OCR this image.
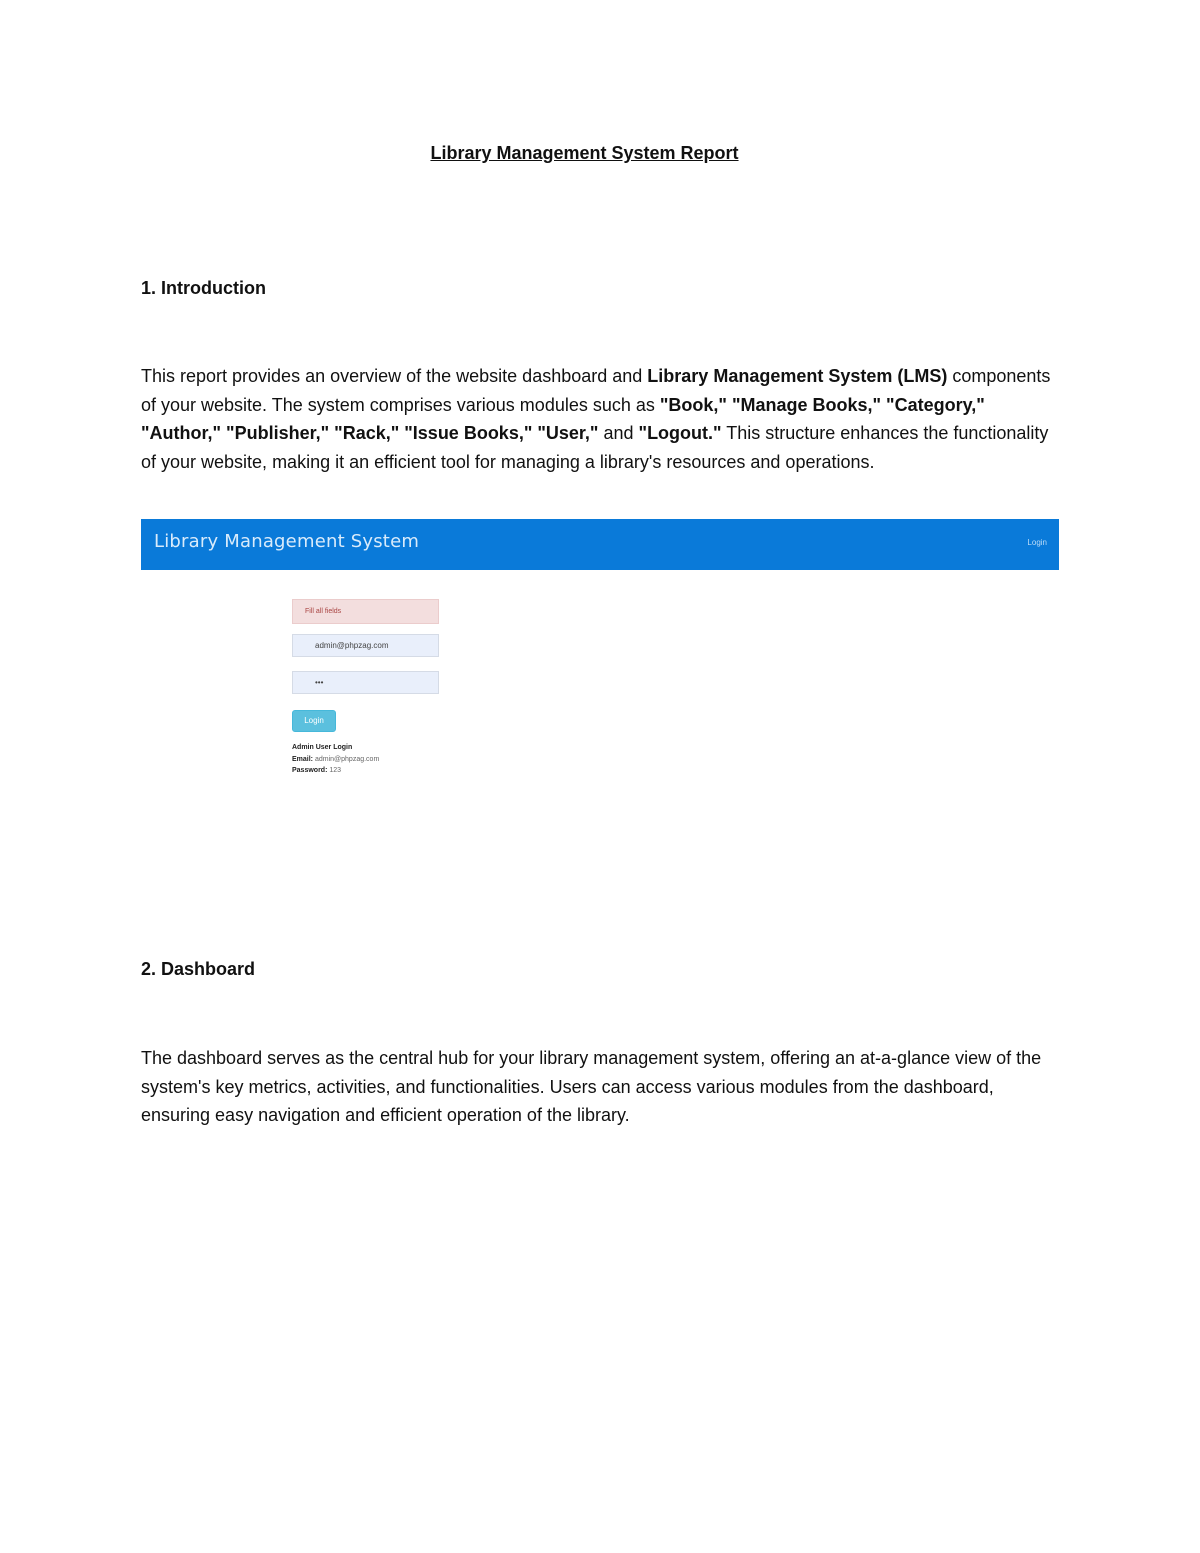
Library Management System Report
1. Introduction
This report provides an overview of the website dashboard and Library Management System (LMS) components of your website. The system comprises various modules such as "Book," "Manage Books," "Category," "Author," "Publisher," "Rack," "Issue Books," "User," and "Logout." This structure enhances the functionality of your website, making it an efficient tool for managing a library's resources and operations.
Library Management System	Login
Fill all fields
admin@phpzag.com
•••
Login
Admin User Login
Email: admin@phpzag.com
Password: 123
2. Dashboard
The dashboard serves as the central hub for your library management system, offering an at-a-glance view of the system's key metrics, activities, and functionalities. Users can access various modules from the dashboard, ensuring easy navigation and efficient operation of the library.
